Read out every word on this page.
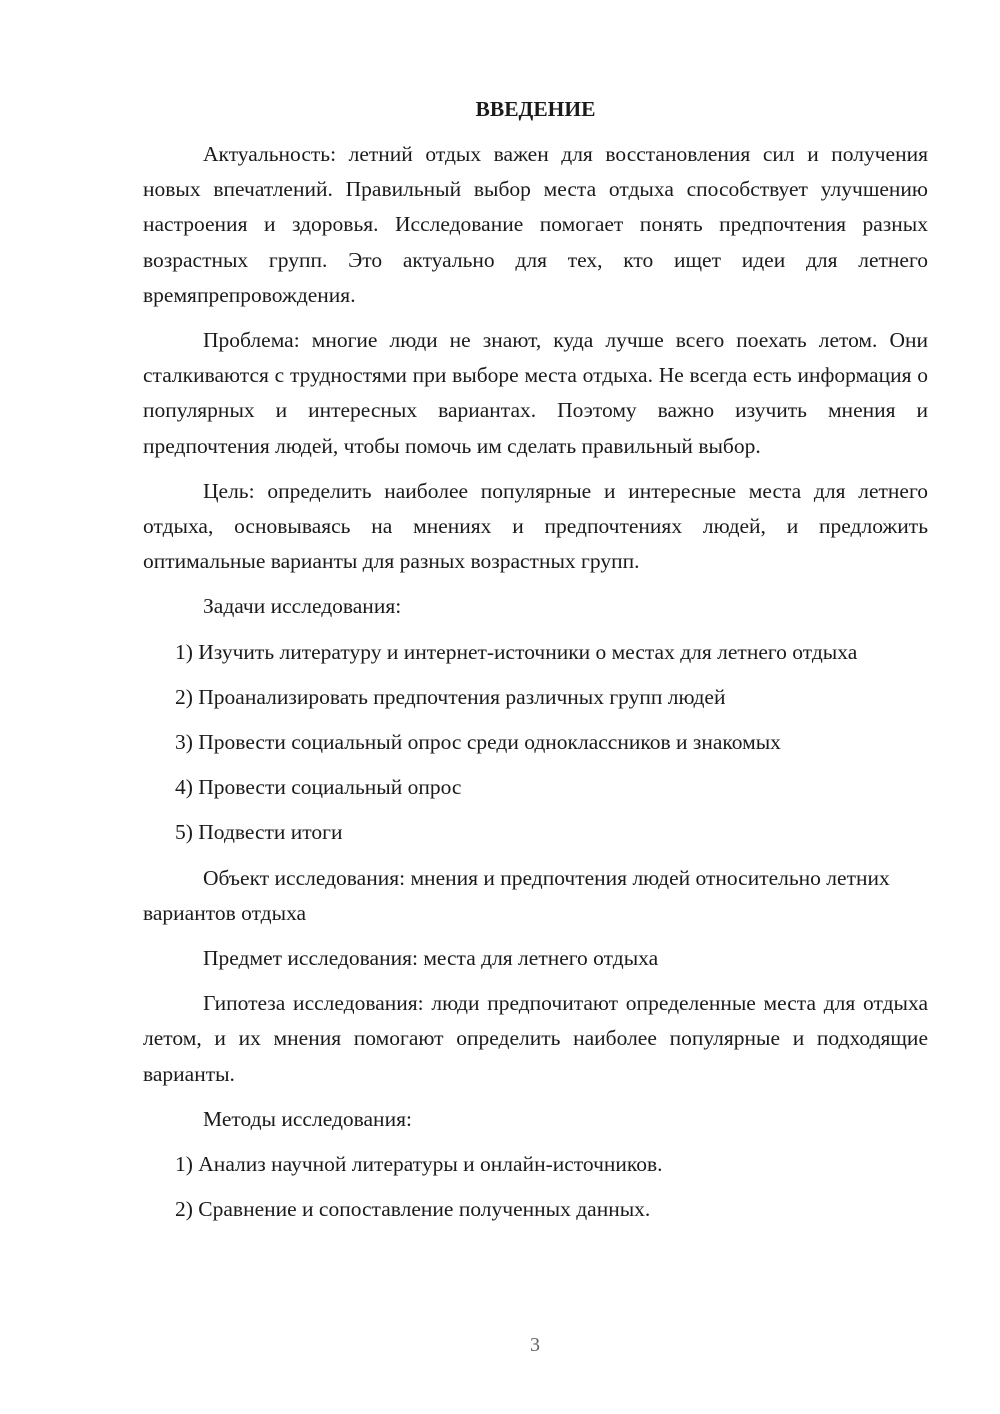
ВВЕДЕНИЕ

Актуальность: летний отдых важен для восстановления сил и получения новых впечатлений. Правильный выбор места отдыха способствует улучшению настроения и здоровья. Исследование помогает понять предпочтения разных возрастных групп. Это актуально для тех, кто ищет идеи для летнего времяпрепровождения.

Проблема: многие люди не знают, куда лучше всего поехать летом. Они сталкиваются с трудностями при выборе места отдыха. Не всегда есть информация о популярных и интересных вариантах. Поэтому важно изучить мнения и предпочтения людей, чтобы помочь им сделать правильный выбор.

Цель: определить наиболее популярные и интересные места для летнего отдыха, основываясь на мнениях и предпочтениях людей, и предложить оптимальные варианты для разных возрастных групп.

Задачи исследования:

1) Изучить литературу и интернет-источники о местах для летнего отдыха

2) Проанализировать предпочтения различных групп людей

3) Провести социальный опрос среди одноклассников и знакомых

4) Провести социальный опрос

5) Подвести итоги

Объект исследования: мнения и предпочтения людей относительно летних вариантов отдыха

Предмет исследования: места для летнего отдыха

Гипотеза исследования: люди предпочитают определенные места для отдыха летом, и их мнения помогают определить наиболее популярные и подходящие варианты.

Методы исследования:

1) Анализ научной литературы и онлайн-источников.

2) Сравнение и сопоставление полученных данных.

3
